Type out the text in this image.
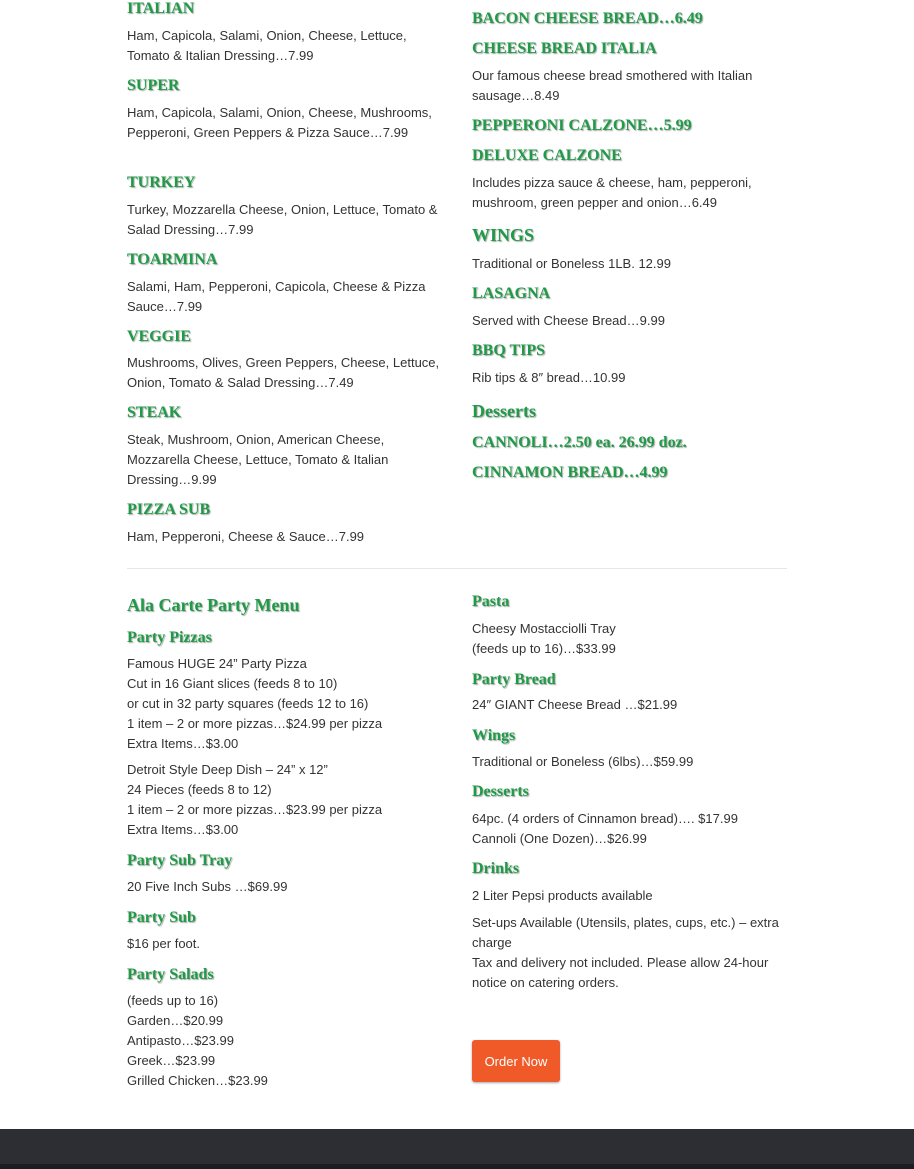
ITALIAN
Ham, Capicola, Salami, Onion, Cheese, Lettuce, Tomato & Italian Dressing…7.99
SUPER
Ham, Capicola, Salami, Onion, Cheese, Mushrooms, Pepperoni, Green Peppers & Pizza Sauce…7.99
TURKEY
Turkey, Mozzarella Cheese, Onion, Lettuce, Tomato & Salad Dressing…7.99
TOARMINA
Salami, Ham, Pepperoni, Capicola, Cheese & Pizza Sauce…7.99
VEGGIE
Mushrooms, Olives, Green Peppers, Cheese, Lettuce, Onion, Tomato & Salad Dressing…7.49
STEAK
Steak, Mushroom, Onion, American Cheese, Mozzarella Cheese, Lettuce, Tomato & Italian Dressing…9.99
PIZZA SUB
Ham, Pepperoni, Cheese & Sauce…7.99
BACON CHEESE BREAD…6.49
CHEESE BREAD ITALIA
Our famous cheese bread smothered with Italian sausage…8.49
PEPPERONI CALZONE…5.99
DELUXE CALZONE
Includes pizza sauce & cheese, ham, pepperoni, mushroom, green pepper and onion…6.49
WINGS
Traditional or Boneless 1LB. 12.99
LASAGNA
Served with Cheese Bread…9.99
BBQ TIPS
Rib tips & 8″ bread…10.99
Desserts
CANNOLI…2.50 ea. 26.99 doz.
CINNAMON BREAD…4.99
Ala Carte Party Menu
Party Pizzas
Famous HUGE 24” Party Pizza
Cut in 16 Giant slices (feeds 8 to 10)
or cut in 32 party squares (feeds 12 to 16)
1 item – 2 or more pizzas…$24.99 per pizza
Extra Items…$3.00
Detroit Style Deep Dish – 24” x 12”
24 Pieces (feeds 8 to 12)
1 item – 2 or more pizzas…$23.99 per pizza
Extra Items…$3.00
Party Sub Tray
20 Five Inch Subs …$69.99
Party Sub
$16 per foot.
Party Salads
(feeds up to 16)
Garden…$20.99
Antipasto…$23.99
Greek…$23.99
Grilled Chicken…$23.99
Pasta
Cheesy Mostacciolli Tray
(feeds up to 16)…$33.99
Party Bread
24″ GIANT Cheese Bread …$21.99
Wings
Traditional or Boneless (6lbs)…$59.99
Desserts
64pc. (4 orders of Cinnamon bread)…. $17.99
Cannoli (One Dozen)…$26.99
Drinks
2 Liter Pepsi products available
Set-ups Available (Utensils, plates, cups, etc.) – extra charge
Tax and delivery not included. Please allow 24-hour notice on catering orders.
Order Now
